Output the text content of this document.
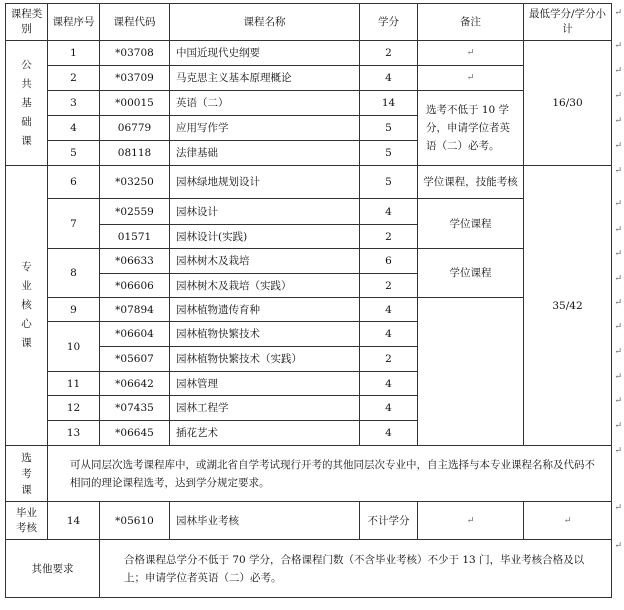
课程类别	课程序号	课程代码	课程名称	学分	备注	最低学分/学分小计
公共基础课	1	*03708	中国近现代史纲要	2	↵	16/30
	2	*03709	马克思主义基本原理概论	4	↵	
	3	*00015	英语（二）	14	选考不低于 10 学分，申请学位者英语（二）必考。	
	4	06779	应用写作学	5		
	5	08118	法律基础	5		
专业核心课	6	*03250	园林绿地规划设计	5	学位课程，技能考核	35/42
	7	*02559	园林设计	4	学位课程	
		01571	园林设计(实践)	2		
	8	*06633	园林树木及栽培	6	学位课程	
		*06606	园林树木及栽培（实践）	2		
	9	*07894	园林植物遗传育种	4		
	10	*06604	园林植物快繁技术	4		
		*05607	园林植物快繁技术（实践）	2		
	11	*06642	园林管理	4		
	12	*07435	园林工程学	4		
	13	*06645	插花艺术	4		
选考课	可从同层次选考课程库中，或湖北省自学考试现行开考的其他同层次专业中，自主选择与本专业课程名称及代码不相同的理论课程选考，达到学分规定要求。					
毕业考核	14	*05610	园林毕业考核	不计学分	↵	↵
其他要求		合格课程总学分不低于 70 学分，合格课程门数（不含毕业考核）不少于 13 门，毕业考核合格及以上；申请学位者英语（二）必考。				
↵
↵
↵
↵
↵
↵
↵
↵
↵
↵
↵
↵
↵
↵
↵
↵
↵
↵
↵
↵
